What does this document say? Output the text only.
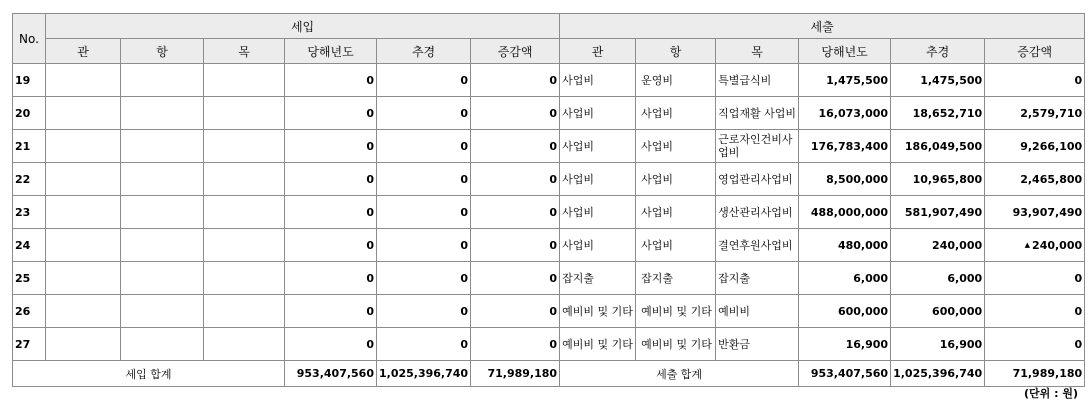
No.	세입						세출					
	관	항	목	당해년도	추경	증감액	관	항	목	당해년도	추경	증감액
19				0	0	0	사업비	운영비	특별급식비	1,475,500	1,475,500	0
20				0	0	0	사업비	사업비	직업재활 사업비	16,073,000	18,652,710	2,579,710
21				0	0	0	사업비	사업비	근로자인건비사업비	176,783,400	186,049,500	9,266,100
22				0	0	0	사업비	사업비	영업관리사업비	8,500,000	10,965,800	2,465,800
23				0	0	0	사업비	사업비	생산관리사업비	488,000,000	581,907,490	93,907,490
24				0	0	0	사업비	사업비	결연후원사업비	480,000	240,000	▲ 240,000
25				0	0	0	잡지출	잡지출	잡지출	6,000	6,000	0
26				0	0	0	예비비 및 기타	예비비 및 기타	예비비	600,000	600,000	0
27				0	0	0	예비비 및 기타	예비비 및 기타	반환금	16,900	16,900	0
세입 합계				953,407,560	1,025,396,740	71,989,180	세출 합계			953,407,560	1,025,396,740	71,989,180
(단위 : 원)
